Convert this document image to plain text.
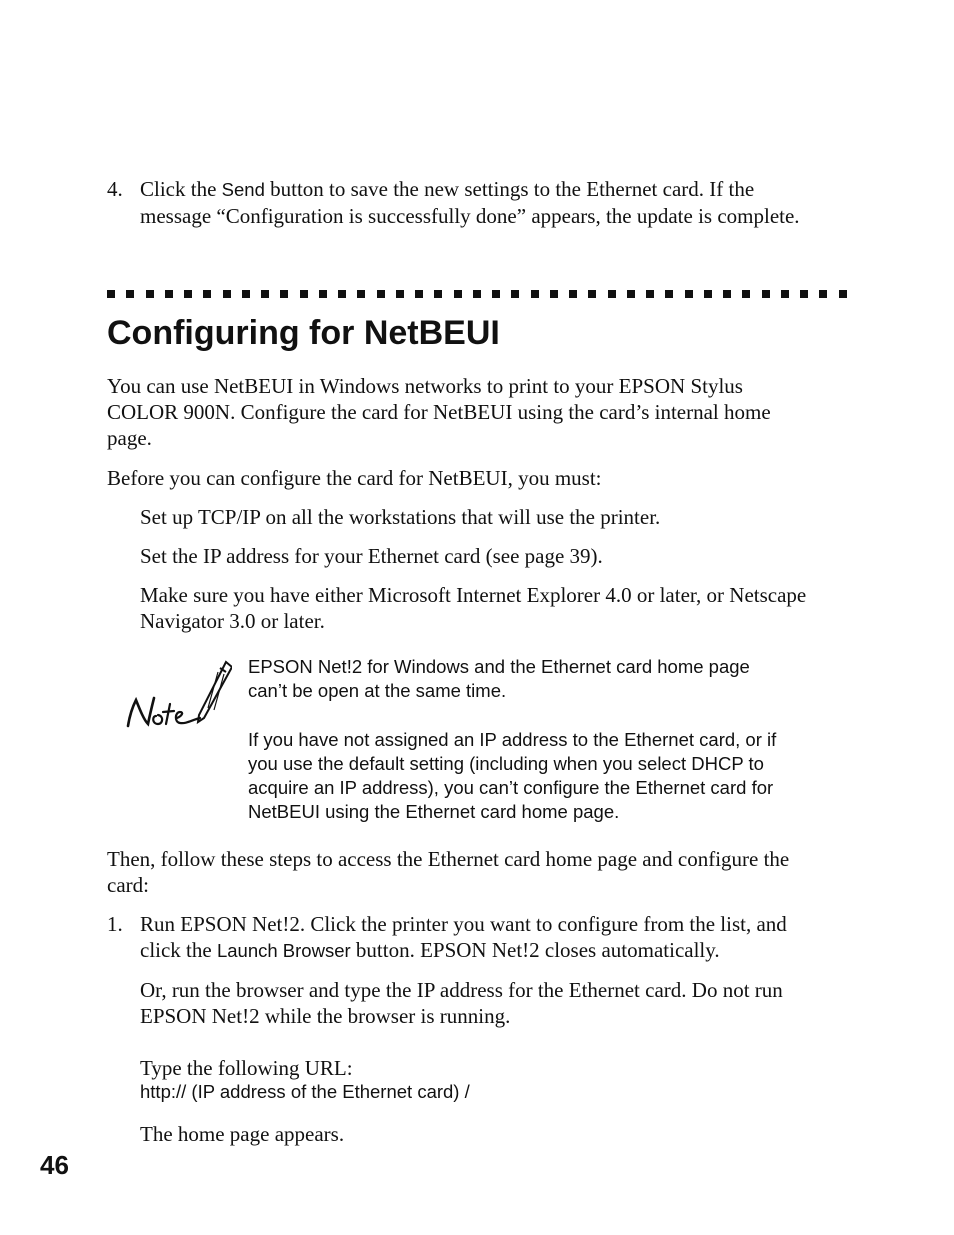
4. Click the Send button to save the new settings to the Ethernet card. If the
message “Configuration is successfully done” appears, the update is complete.
Configuring for NetBEUI
You can use NetBEUI in Windows networks to print to your EPSON Stylus
COLOR 900N. Configure the card for NetBEUI using the card’s internal home
page.
Before you can configure the card for NetBEUI, you must:
Set up TCP/IP on all the workstations that will use the printer.
Set the IP address for your Ethernet card (see page 39).
Make sure you have either Microsoft Internet Explorer 4.0 or later, or Netscape
Navigator 3.0 or later.
EPSON Net!2 for Windows and the Ethernet card home page
can’t be open at the same time.
If you have not assigned an IP address to the Ethernet card, or if
you use the default setting (including when you select DHCP to
acquire an IP address), you can’t configure the Ethernet card for
NetBEUI using the Ethernet card home page.
Then, follow these steps to access the Ethernet card home page and configure the
card:
1. Run EPSON Net!2. Click the printer you want to configure from the list, and
click the Launch Browser button. EPSON Net!2 closes automatically.
Or, run the browser and type the IP address for the Ethernet card. Do not run
EPSON Net!2 while the browser is running.
Type the following URL:
http:// (IP address of the Ethernet card) /
The home page appears.
46
